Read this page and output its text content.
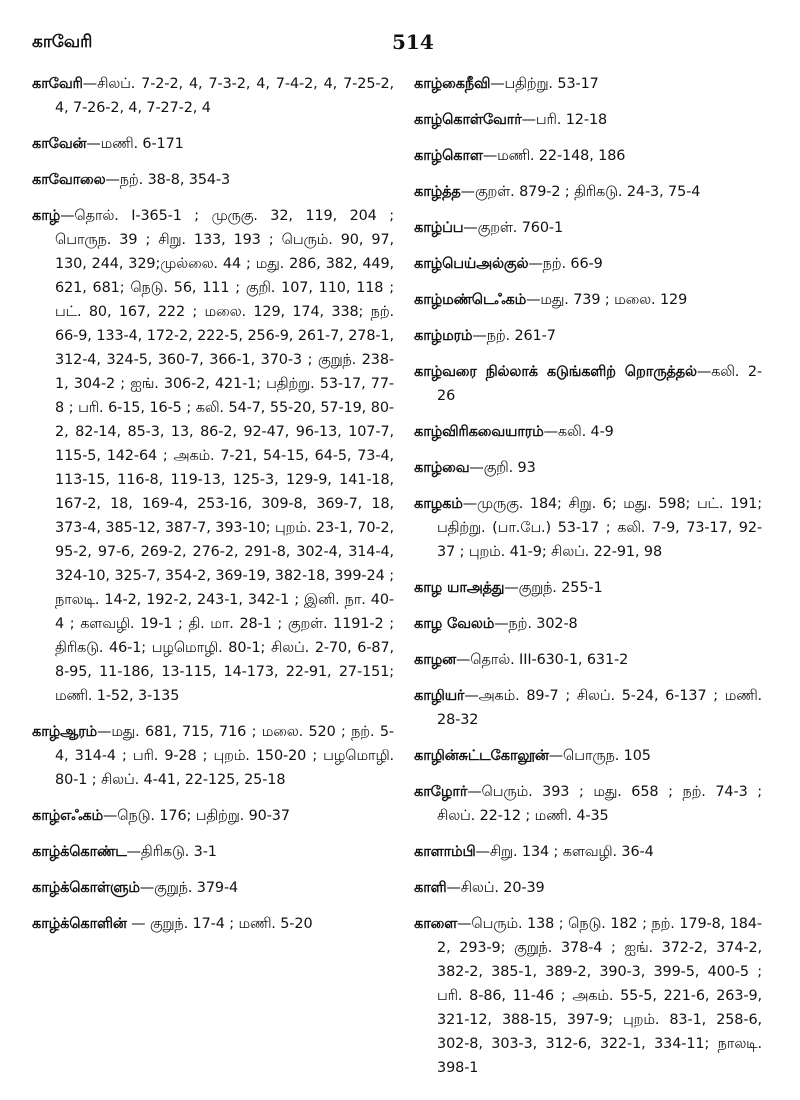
காவேரி	514
காவேரி—சிலப். 7-2-2, 4, 7-3-2, 4, 7-4-2, 4, 7-25-2, 4, 7-26-2, 4, 7-27-2, 4
காவேன்—மணி. 6-171
காவோலை—நற். 38-8, 354-3
காழ்—தொல். I-365-1 ; முருகு. 32, 119, 204 ; பொருந. 39 ; சிறு. 133, 193 ; பெரும். 90, 97, 130, 244, 329;முல்லை. 44 ; மது. 286, 382, 449, 621, 681; நெடு. 56, 111 ; குறி. 107, 110, 118 ; பட். 80, 167, 222 ; மலை. 129, 174, 338; நற். 66-9, 133-4, 172-2, 222-5, 256-9, 261-7, 278-1, 312-4, 324-5, 360-7, 366-1, 370-3 ; குறுந். 238-1, 304-2 ; ஐங். 306-2, 421-1; பதிற்று. 53-17, 77-8 ; பரி. 6-15, 16-5 ; கலி. 54-7, 55-20, 57-19, 80-2, 82-14, 85-3, 13, 86-2, 92-47, 96-13, 107-7, 115-5, 142-64 ; அகம். 7-21, 54-15, 64-5, 73-4, 113-15, 116-8, 119-13, 125-3, 129-9, 141-18, 167-2, 18, 169-4, 253-16, 309-8, 369-7, 18, 373-4, 385-12, 387-7, 393-10; புறம். 23-1, 70-2, 95-2, 97-6, 269-2, 276-2, 291-8, 302-4, 314-4, 324-10, 325-7, 354-2, 369-19, 382-18, 399-24 ; நாலடி. 14-2, 192-2, 243-1, 342-1 ; இனி. நா. 40-4 ; களவழி. 19-1 ; தி. மா. 28-1 ; குறள். 1191-2 ; திரிகடு. 46-1; பழமொழி. 80-1; சிலப். 2-70, 6-87, 8-95, 11-186, 13-115, 14-173, 22-91, 27-151; மணி. 1-52, 3-135
காழ்ஆரம்—மது. 681, 715, 716 ; மலை. 520 ; நற். 5-4, 314-4 ; பரி. 9-28 ; புறம். 150-20 ; பழமொழி. 80-1 ; சிலப். 4-41, 22-125, 25-18
காழ்எஃகம்—நெடு. 176; பதிற்று. 90-37
காழ்க்கொண்ட—திரிகடு. 3-1
காழ்க்கொள்ளும்—குறுந். 379-4
காழ்க்கொளின் — குறுந். 17-4 ; மணி. 5-20
காழ்கைநீவி—பதிற்று. 53-17
காழ்கொள்வோர்—பரி. 12-18
காழ்கொள—மணி. 22-148, 186
காழ்த்த—குறள். 879-2 ; திரிகடு. 24-3, 75-4
காழ்ப்ப—குறள். 760-1
காழ்பெய்அல்குல்—நற். 66-9
காழ்மண்டெஃகம்—மது. 739 ; மலை. 129
காழ்மரம்—நற். 261-7
காழ்வரை நில்லாக் கடுங்களிற் றொருத்தல்—கலி. 2-26
காழ்விரிகவையாரம்—கலி. 4-9
காழ்வை—குறி. 93
காழகம்—முருகு. 184; சிறு. 6; மது. 598; பட். 191; பதிற்று. (பா.பே.) 53-17 ; கலி. 7-9, 73-17, 92-37 ; புறம். 41-9; சிலப். 22-91, 98
காழ யாஅத்து—குறுந். 255-1
காழ வேலம்—நற். 302-8
காழன—தொல். III-630-1, 631-2
காழியர்—அகம். 89-7 ; சிலப். 5-24, 6-137 ; மணி. 28-32
காழின்சுட்டகோலூன்—பொருந. 105
காழோர்—பெரும். 393 ; மது. 658 ; நற். 74-3 ; சிலப். 22-12 ; மணி. 4-35
காளாம்பி—சிறு. 134 ; களவழி. 36-4
காளி—சிலப். 20-39
காளை—பெரும். 138 ; நெடு. 182 ; நற். 179-8, 184-2, 293-9; குறுந். 378-4 ; ஐங். 372-2, 374-2, 382-2, 385-1, 389-2, 390-3, 399-5, 400-5 ; பரி. 8-86, 11-46 ; அகம். 55-5, 221-6, 263-9, 321-12, 388-15, 397-9; புறம். 83-1, 258-6, 302-8, 303-3, 312-6, 322-1, 334-11; நாலடி. 398-1
